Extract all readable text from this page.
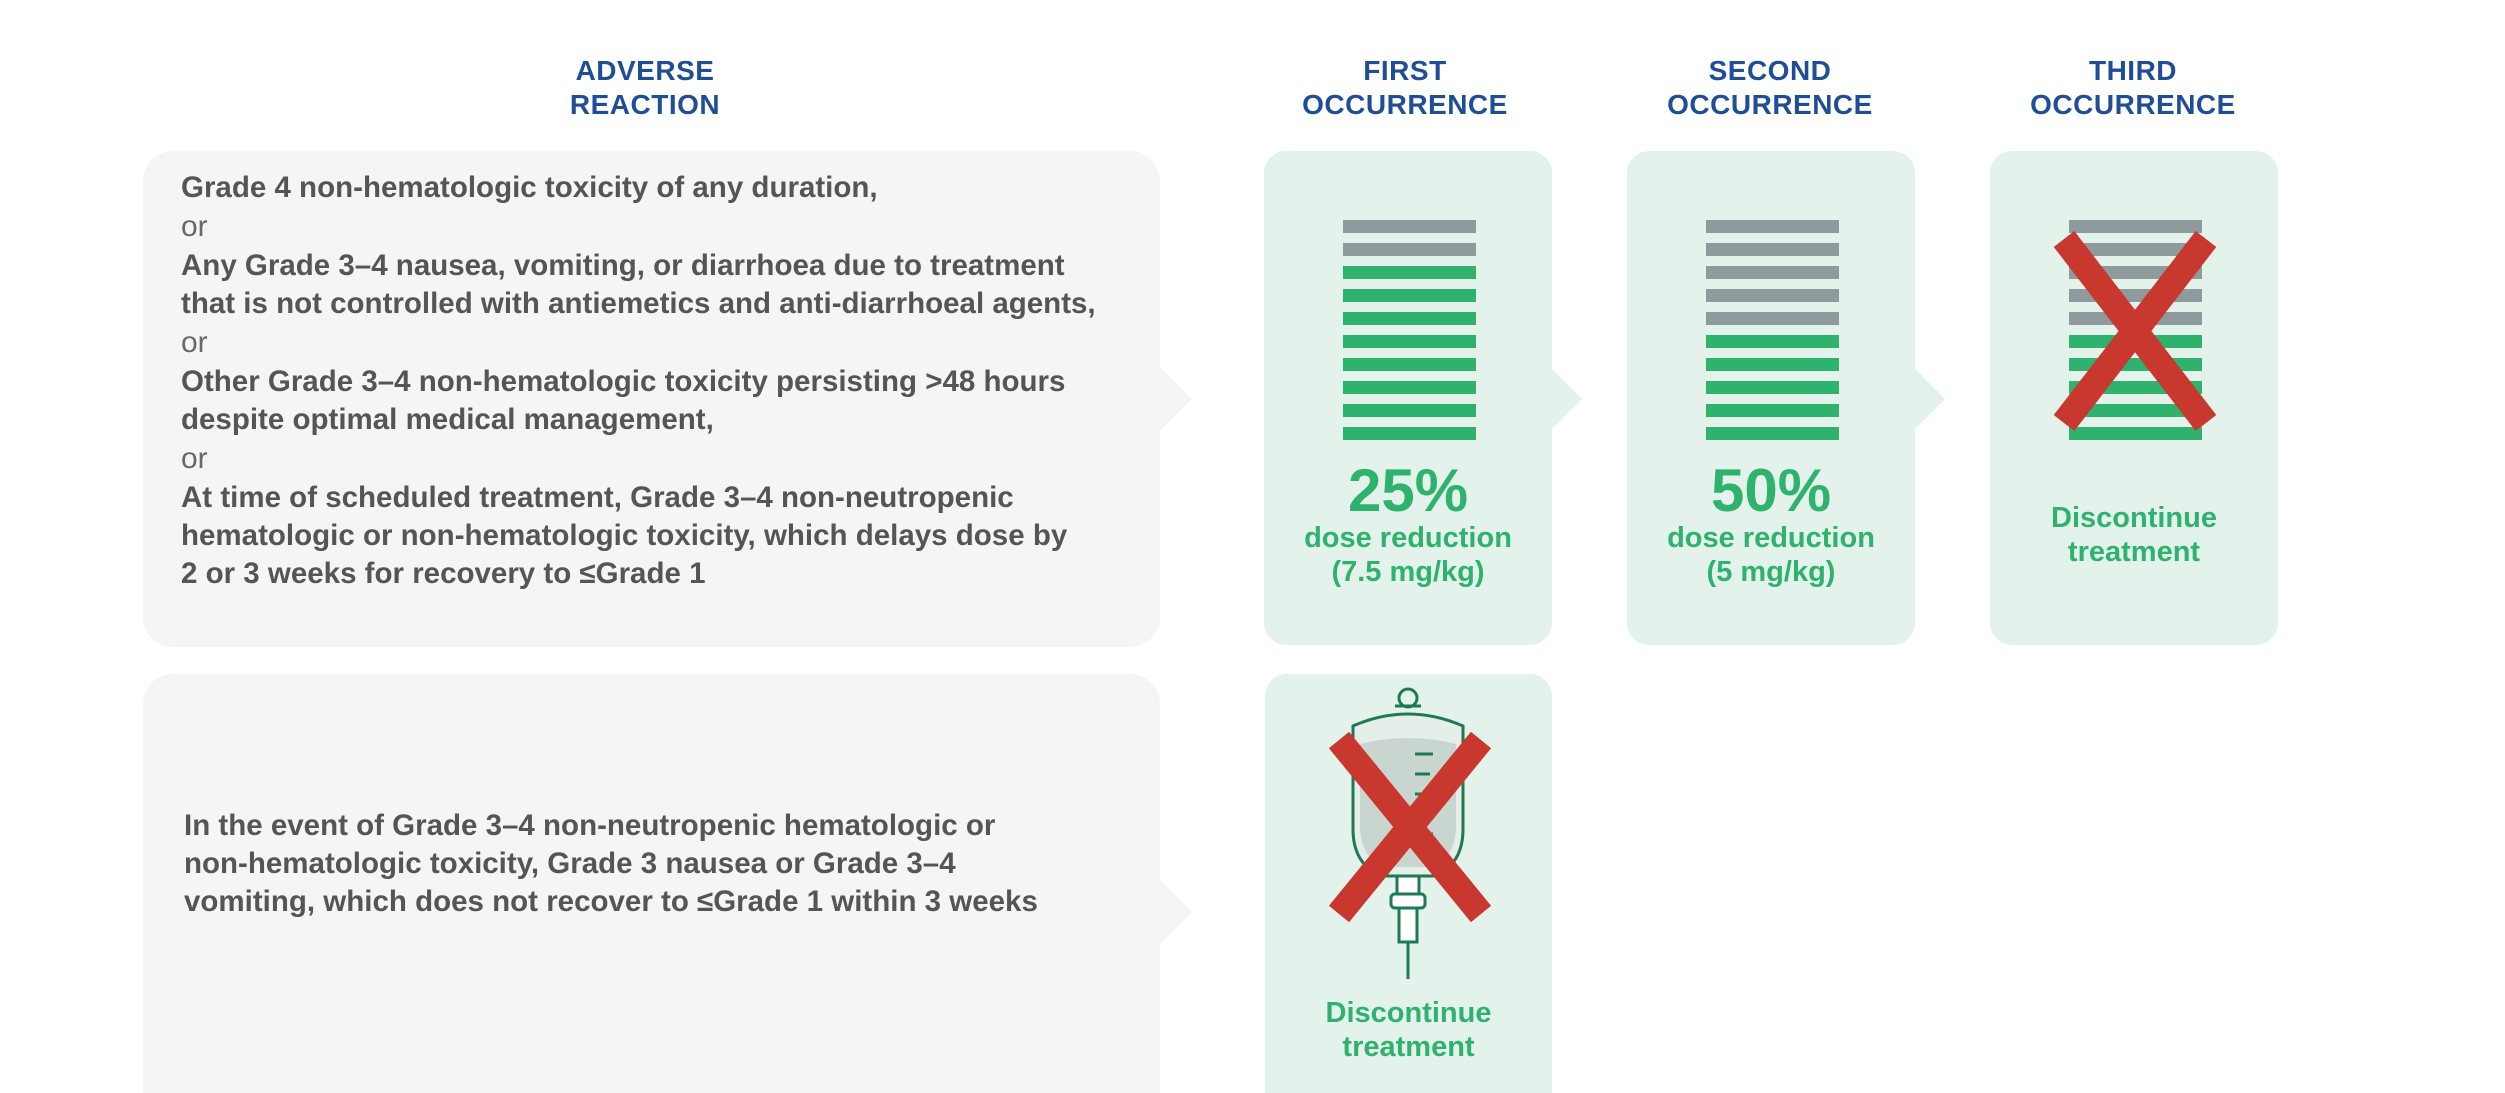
ADVERSE
REACTION
FIRST
OCCURRENCE
SECOND
OCCURRENCE
THIRD
OCCURRENCE
Grade 4 non-hematologic toxicity of any duration,
or
Any Grade 3–4 nausea, vomiting, or diarrhoea due to treatment
that is not controlled with antiemetics and anti-diarrhoeal agents,
or
Other Grade 3–4 non-hematologic toxicity persisting >48 hours
despite optimal medical management,
or
At time of scheduled treatment, Grade 3–4 non-neutropenic
hematologic or non-hematologic toxicity, which delays dose by
2 or 3 weeks for recovery to ≤Grade 1
25%
dose reduction
(7.5 mg/kg)
50%
dose reduction
(5 mg/kg)
Discontinue
treatment
In the event of Grade 3–4 non-neutropenic hematologic or
non-hematologic toxicity, Grade 3 nausea or Grade 3–4
vomiting, which does not recover to ≤Grade 1 within 3 weeks
Discontinue
treatment
